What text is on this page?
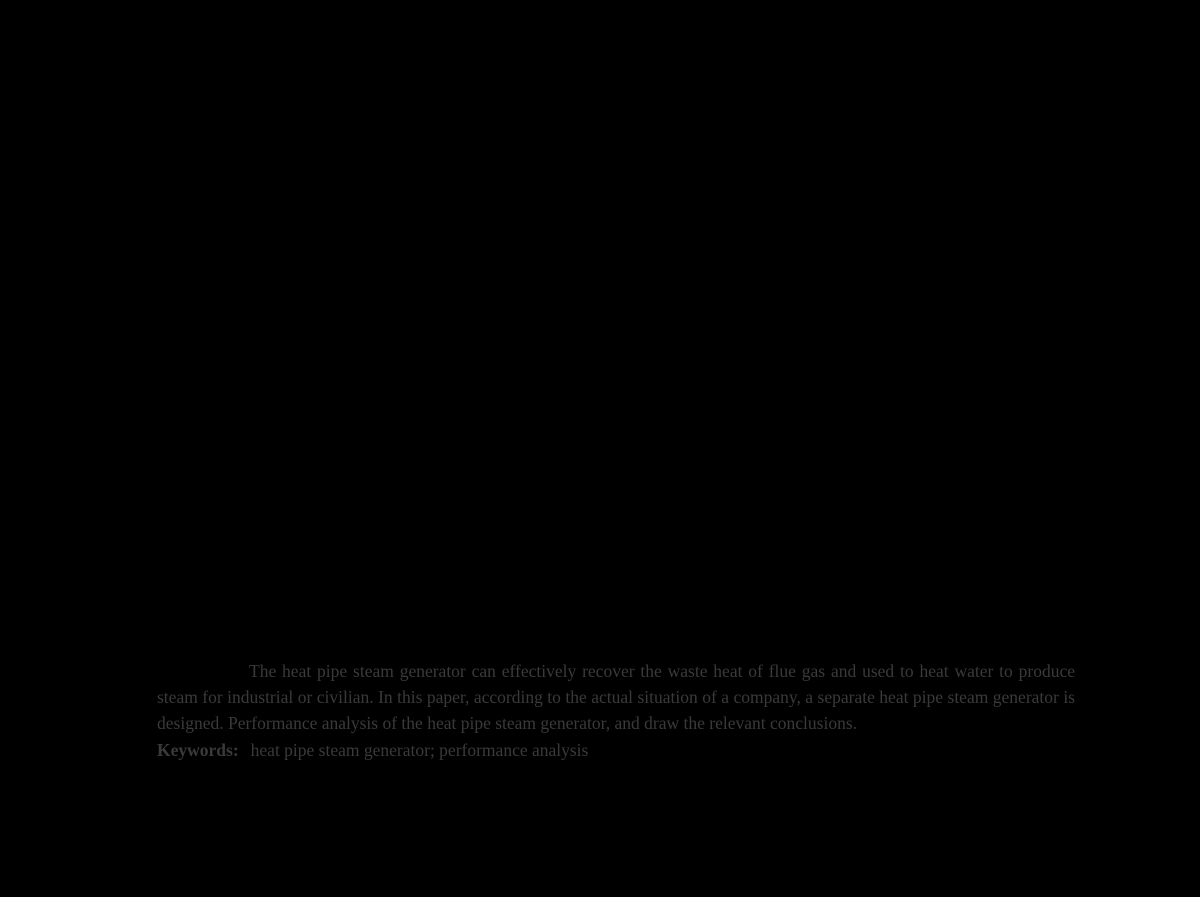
The heat pipe steam generator can effectively recover the waste heat of flue gas and used to heat water to produce steam for industrial or civilian. In this paper, according to the actual situation of a company, a separate heat pipe steam generator is designed. Performance analysis of the heat pipe steam generator, and draw the relevant conclusions.

Keywords: heat pipe steam generator; performance analysis
